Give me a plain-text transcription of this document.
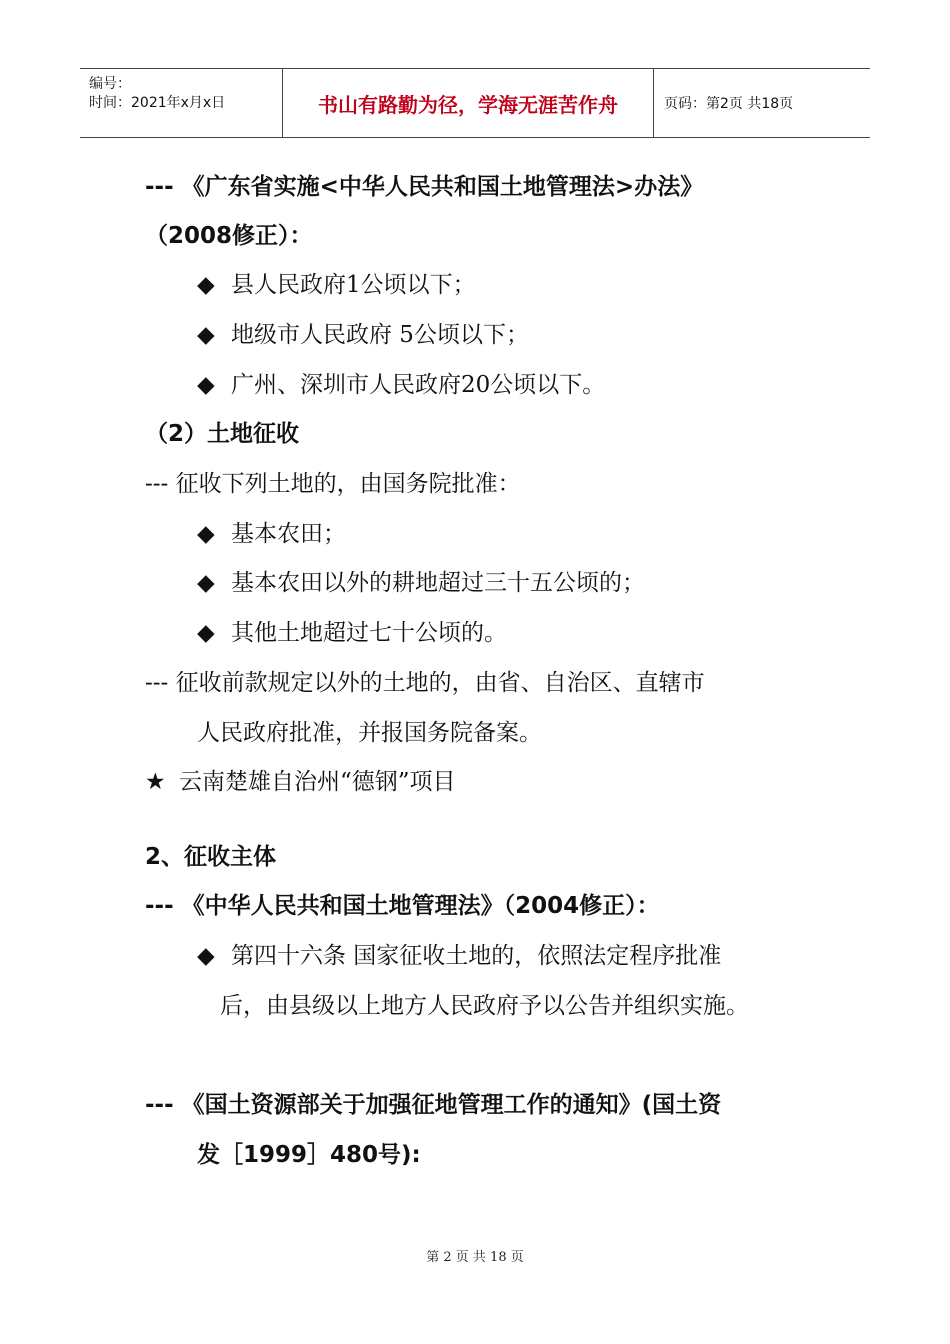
编号：
时间：2021年x月x日	书山有路勤为径，学海无涯苦作舟	页码：第2页 共18页
--- 《广东省实施<中华人民共和国土地管理法>办法》
（2008修正）：
◆ 县人民政府1公顷以下；
◆ 地级市人民政府 5公顷以下；
◆ 广州、深圳市人民政府20公顷以下。
（2）土地征收
--- 征收下列土地的，由国务院批准：
◆ 基本农田；
◆ 基本农田以外的耕地超过三十五公顷的；
◆ 其他土地超过七十公顷的。
--- 征收前款规定以外的土地的，由省、自治区、直辖市
人民政府批准，并报国务院备案。
★ 云南楚雄自治州“德钢”项目
2、征收主体
--- 《中华人民共和国土地管理法》（2004修正）：
◆ 第四十六条 国家征收土地的，依照法定程序批准
后，由县级以上地方人民政府予以公告并组织实施。
--- 《国土资源部关于加强征地管理工作的通知》(国土资
发［1999］480号):
第 2 页 共 18 页
